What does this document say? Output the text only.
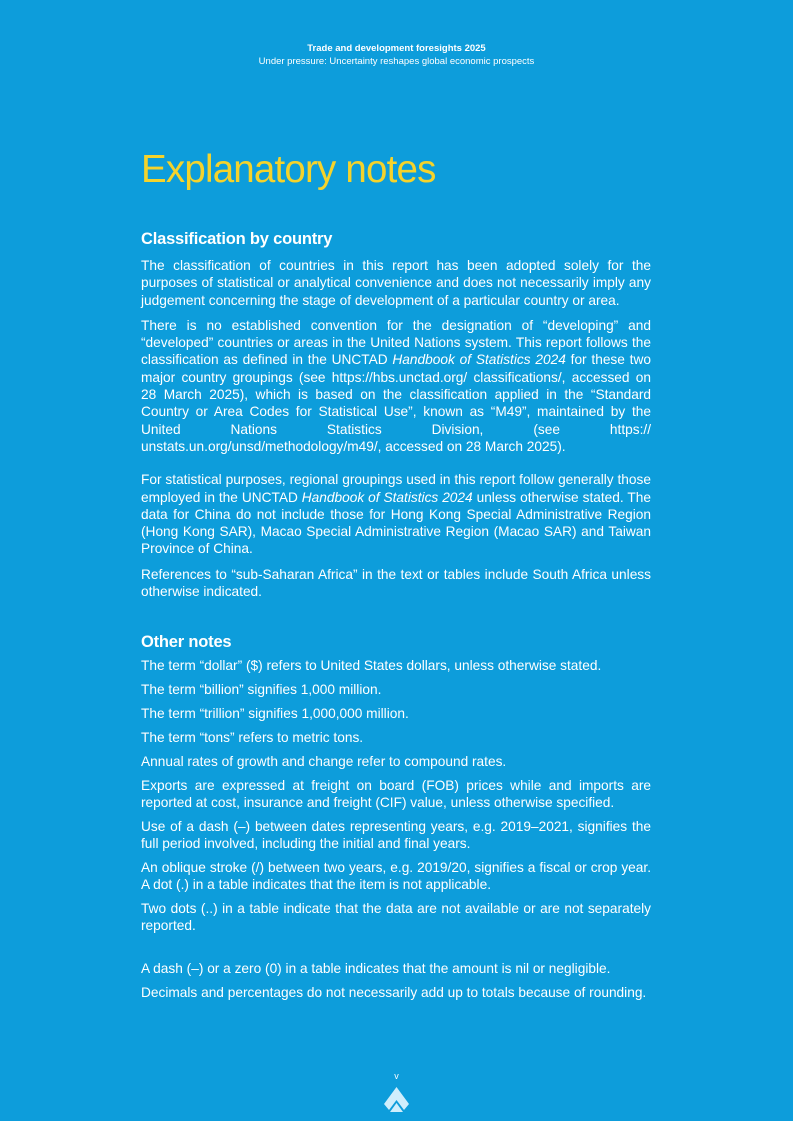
Trade and development foresights 2025
Under pressure: Uncertainty reshapes global economic prospects
Explanatory notes
Classification by country

The classification of countries in this report has been adopted solely for the purposes of statistical or analytical convenience and does not necessarily imply any judgement concerning the stage of development of a particular country or area.

There is no established convention for the designation of “developing” and “developed” countries or areas in the United Nations system. This report follows the classification as defined in the UNCTAD Handbook of Statistics 2024 for these two major country groupings (see https://hbs.unctad.org/ classifications/, accessed on 28 March 2025), which is based on the classification applied in the “Standard Country or Area Codes for Statistical Use”, known as “M49”, maintained by the United Nations Statistics Division, (see https:// unstats.un.org/unsd/methodology/m49/, accessed on 28 March 2025).

For statistical purposes, regional groupings used in this report follow generally those employed in the UNCTAD Handbook of Statistics 2024 unless otherwise stated. The data for China do not include those for Hong Kong Special Administrative Region (Hong Kong SAR), Macao Special Administrative Region (Macao SAR) and Taiwan Province of China.

References to “sub-Saharan Africa” in the text or tables include South Africa unless otherwise indicated.

Other notes

The term “dollar” ($) refers to United States dollars, unless otherwise stated.

The term “billion” signifies 1,000 million.

The term “trillion” signifies 1,000,000 million.

The term “tons” refers to metric tons.

Annual rates of growth and change refer to compound rates.

Exports are expressed at freight on board (FOB) prices while and imports are reported at cost, insurance and freight (CIF) value, unless otherwise specified.

Use of a dash (–) between dates representing years, e.g. 2019–2021, signifies the full period involved, including the initial and final years.

An oblique stroke (/) between two years, e.g. 2019/20, signifies a fiscal or crop year. A dot (.) in a table indicates that the item is not applicable.

Two dots (..) in a table indicate that the data are not available or are not separately reported.

A dash (–) or a zero (0) in a table indicates that the amount is nil or negligible.

Decimals and percentages do not necessarily add up to totals because of rounding.

v
